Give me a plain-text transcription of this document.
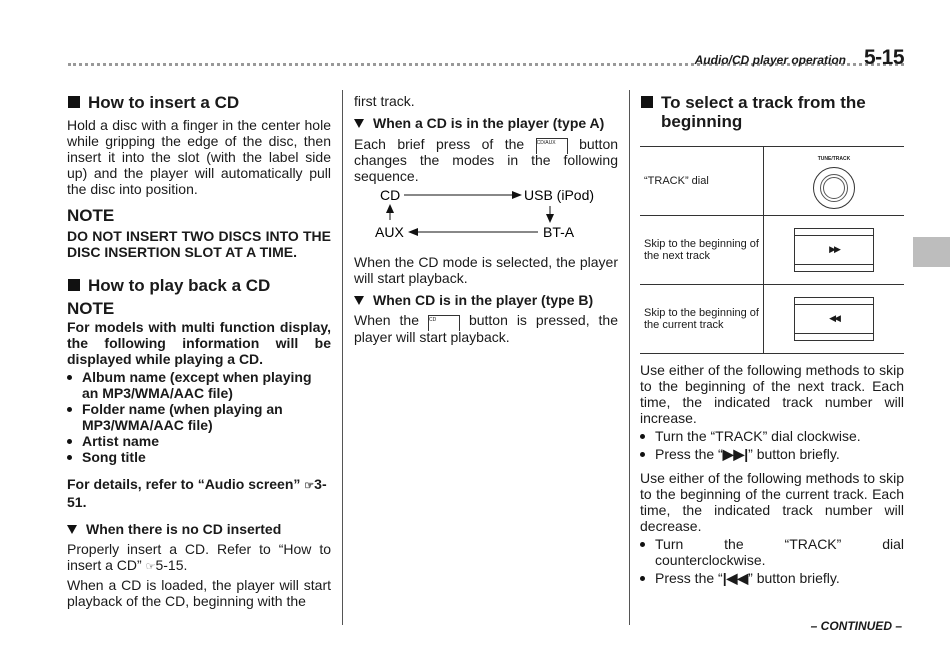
Audio/CD player operation 5-15
How to insert a CD
Hold a disc with a finger in the center hole while gripping the edge of the disc, then insert it into the slot (with the label side up) and the player will automatically pull the disc into position.
NOTE
DO NOT INSERT TWO DISCS INTO THE DISC INSERTION SLOT AT A TIME.
How to play back a CD
NOTE
For models with multi function display, the following information will be displayed while playing a CD.
Album name (except when playing an MP3/WMA/AAC file)
Folder name (when playing an MP3/WMA/AAC file)
Artist name
Song title
For details, refer to “Audio screen” ☞3-51.
When there is no CD inserted
Properly insert a CD. Refer to “How to insert a CD” ☞5-15.
When a CD is loaded, the player will start playback of the CD, beginning with the
first track.
When a CD is in the player (type A)
Each brief press of the CD/AUX button changes the modes in the following sequence.
CD	USB (iPod)
AUX	BT-A
When the CD mode is selected, the player will start playback.
When CD is in the player (type B)
When the CD button is pressed, the player will start playback.
To select a track from the beginning
“TRACK” dial	TUNE/TRACK

Skip to the beginning of the next track	▶▶

Skip to the beginning of the current track	◀◀
Use either of the following methods to skip to the beginning of the next track. Each time, the indicated track number will increase.
Turn the “TRACK” dial clockwise.
Press the “▶▶|” button briefly.
Use either of the following methods to skip to the beginning of the current track. Each time, the indicated track number will decrease.
Turn the “TRACK” dial counterclockwise.
Press the “|◀◀” button briefly.
– CONTINUED –
